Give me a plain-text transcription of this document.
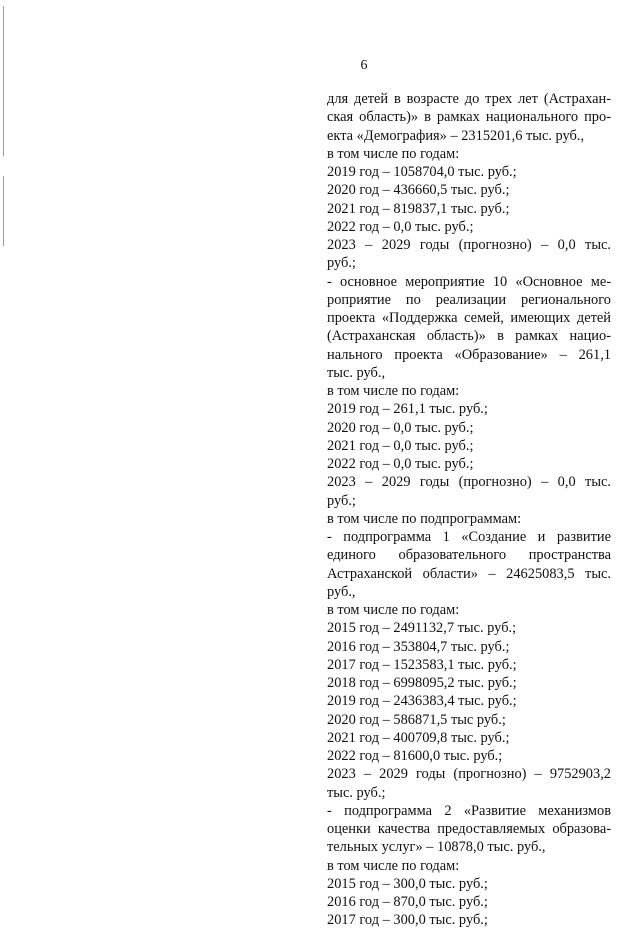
6
для детей в возрасте до трех лет (Астрахан-
ская область)» в рамках национального про-
екта «Демография» – 2315201,6 тыс. руб.,
в том числе по годам:
2019 год – 1058704,0 тыс. руб.;
2020 год – 436660,5 тыс. руб.;
2021 год – 819837,1 тыс. руб.;
2022 год – 0,0 тыс. руб.;
2023 – 2029 годы (прогнозно) – 0,0 тыс.
руб.;
- основное мероприятие 10 «Основное ме-
роприятие по реализации регионального
проекта «Поддержка семей, имеющих детей
(Астраханская область)» в рамках нацио-
нального проекта «Образование» – 261,1
тыс. руб.,
в том числе по годам:
2019 год – 261,1 тыс. руб.;
2020 год – 0,0 тыс. руб.;
2021 год – 0,0 тыс. руб.;
2022 год – 0,0 тыс. руб.;
2023 – 2029 годы (прогнозно) – 0,0 тыс.
руб.;
в том числе по подпрограммам:
- подпрограмма 1 «Создание и развитие
единого образовательного пространства
Астраханской области» – 24625083,5 тыс.
руб.,
в том числе по годам:
2015 год – 2491132,7 тыс. руб.;
2016 год – 353804,7 тыс. руб.;
2017 год – 1523583,1 тыс. руб.;
2018 год – 6998095,2 тыс. руб.;
2019 год – 2436383,4 тыс. руб.;
2020 год – 586871,5 тыс руб.;
2021 год – 400709,8 тыс. руб.;
2022 год – 81600,0 тыс. руб.;
2023 – 2029 годы (прогнозно) – 9752903,2
тыс. руб.;
- подпрограмма 2 «Развитие механизмов
оценки качества предоставляемых образова-
тельных услуг» – 10878,0 тыс. руб.,
в том числе по годам:
2015 год – 300,0 тыс. руб.;
2016 год – 870,0 тыс. руб.;
2017 год – 300,0 тыс. руб.;
